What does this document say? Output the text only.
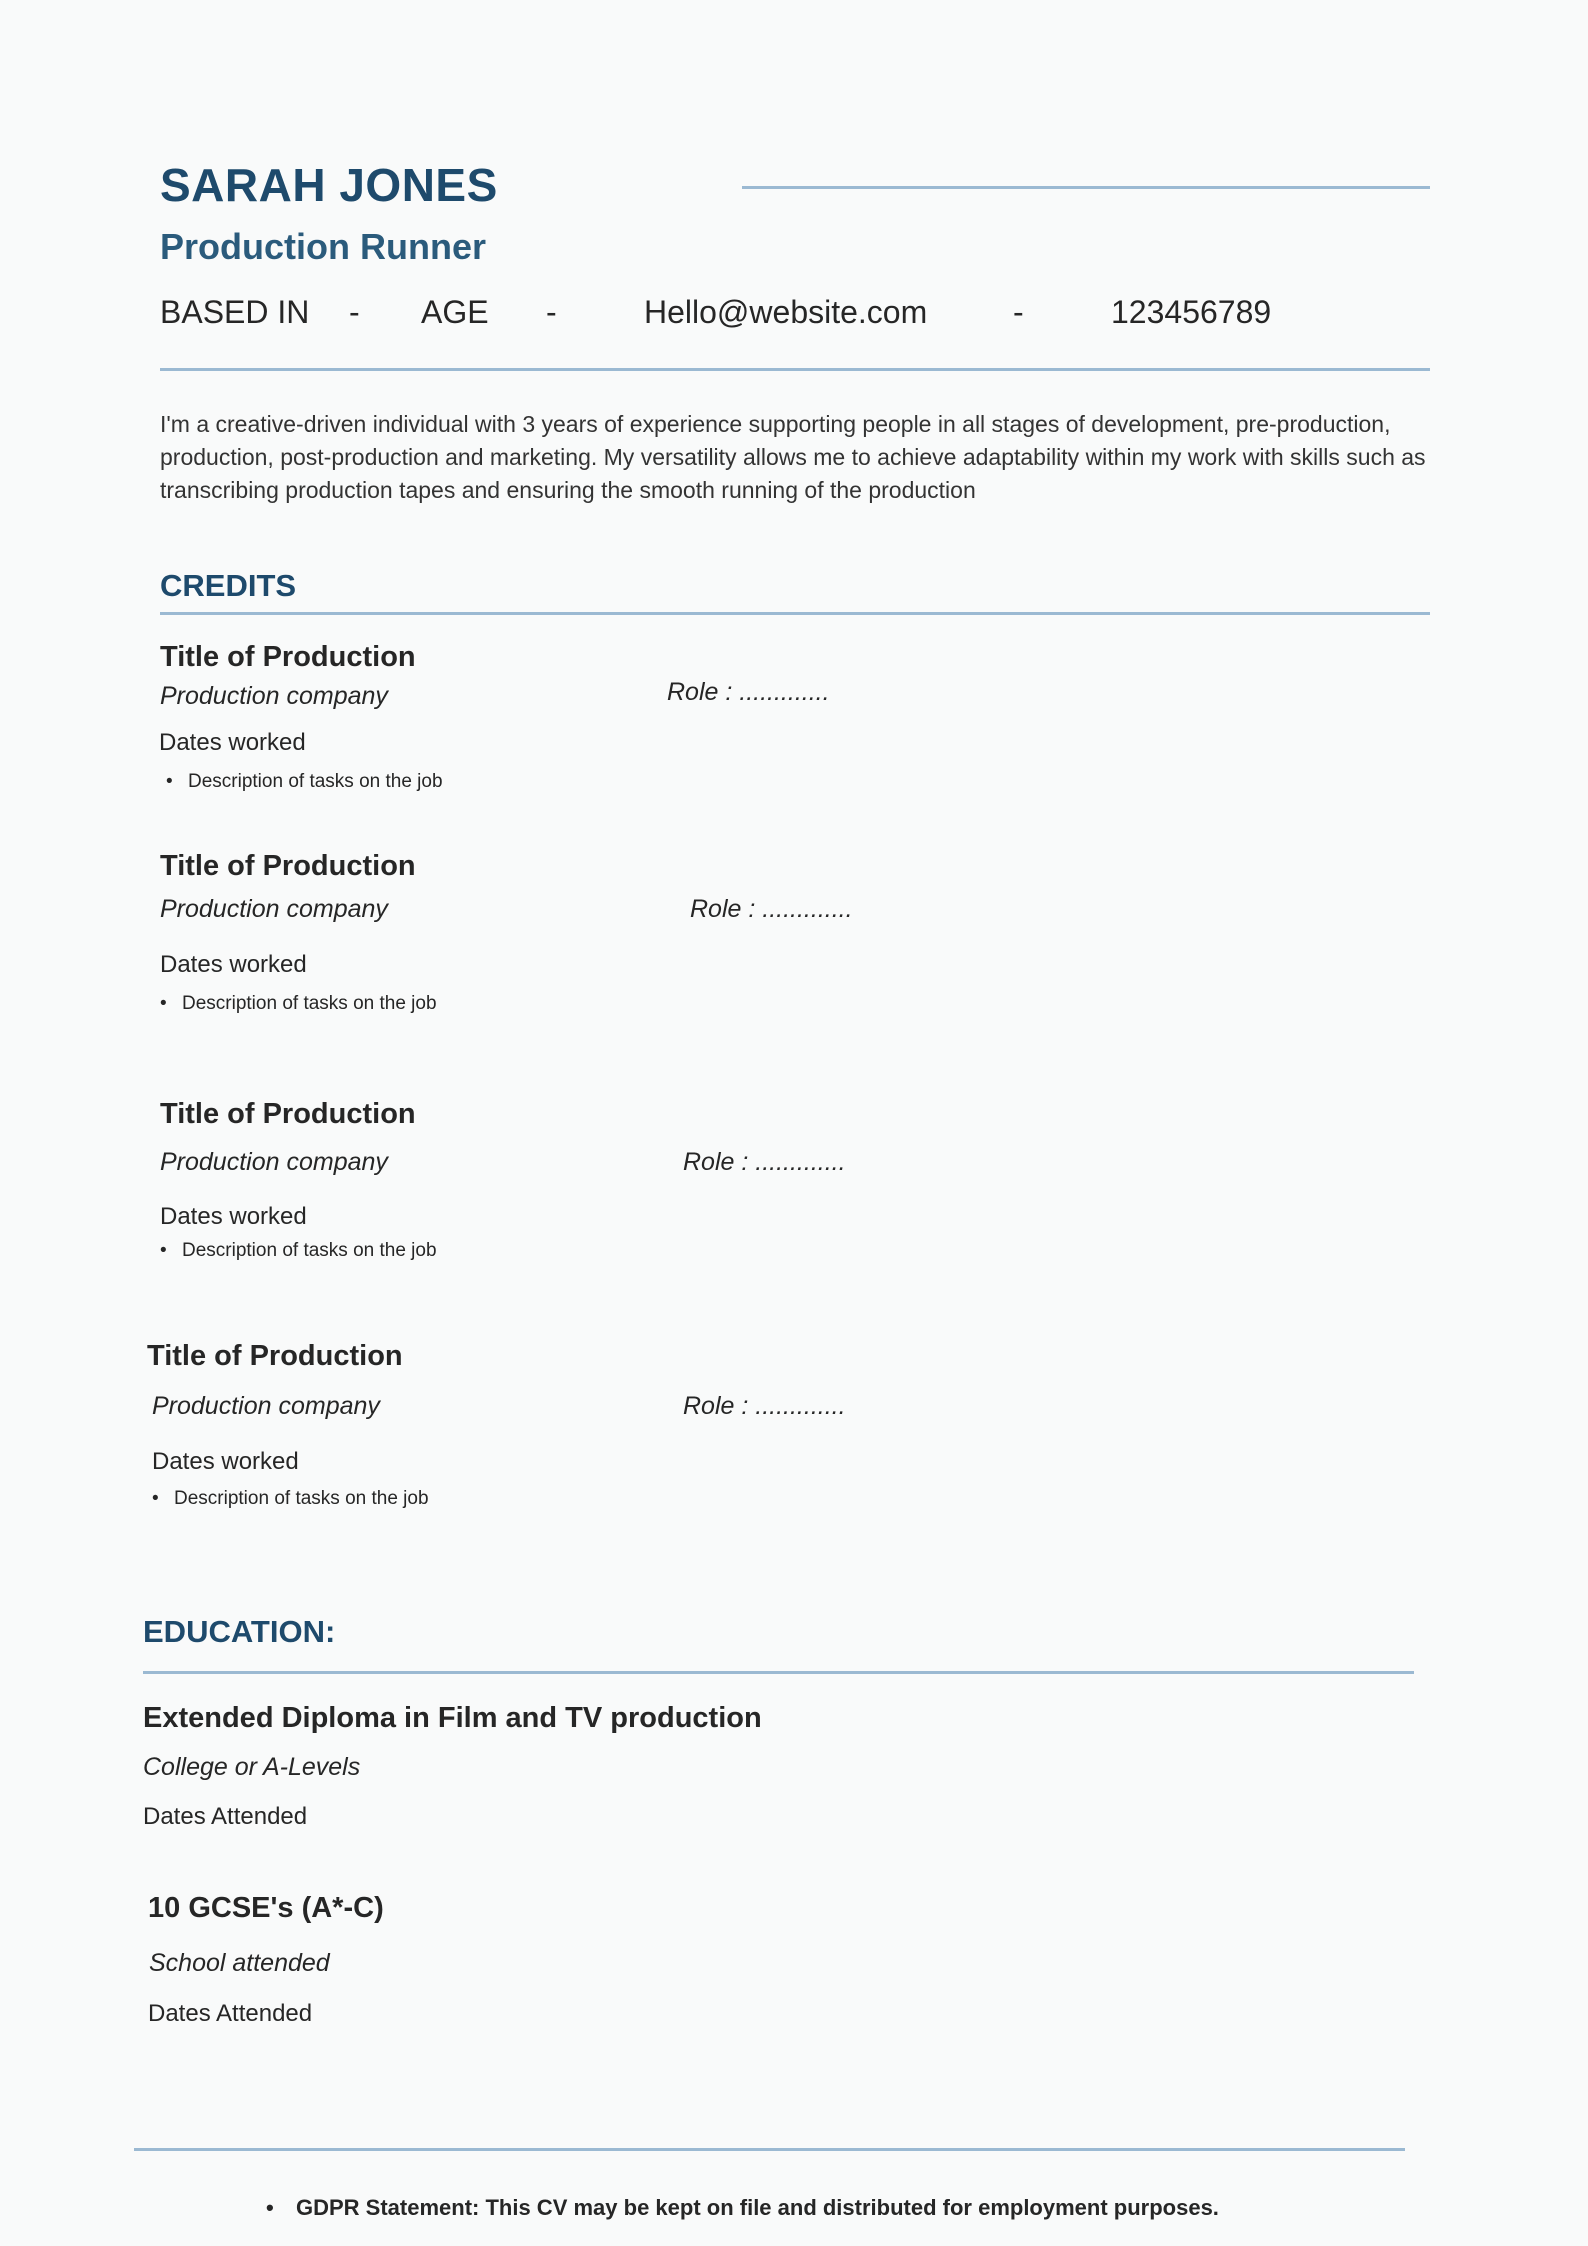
SARAH JONES
Production Runner
BASED IN - AGE -	Hello@website.com	-	123456789
I'm a creative-driven individual with 3 years of experience supporting people in all stages of development, pre-production, production, post-production and marketing. My versatility allows me to achieve adaptability within my work with skills such as transcribing production tapes and ensuring the smooth running of the production
CREDITS
Title of Production
Production company	Role : .............
Dates worked
• Description of tasks on the job
Title of Production
Production company	Role : .............
Dates worked
• Description of tasks on the job
Title of Production
Production company	Role : .............
Dates worked
• Description of tasks on the job
Title of Production
Production company	Role : .............
Dates worked
• Description of tasks on the job
EDUCATION:
Extended Diploma in Film and TV production
College or A-Levels
Dates Attended
10 GCSE's (A*-C)
School attended
Dates Attended
• GDPR Statement: This CV may be kept on file and distributed for employment purposes.
